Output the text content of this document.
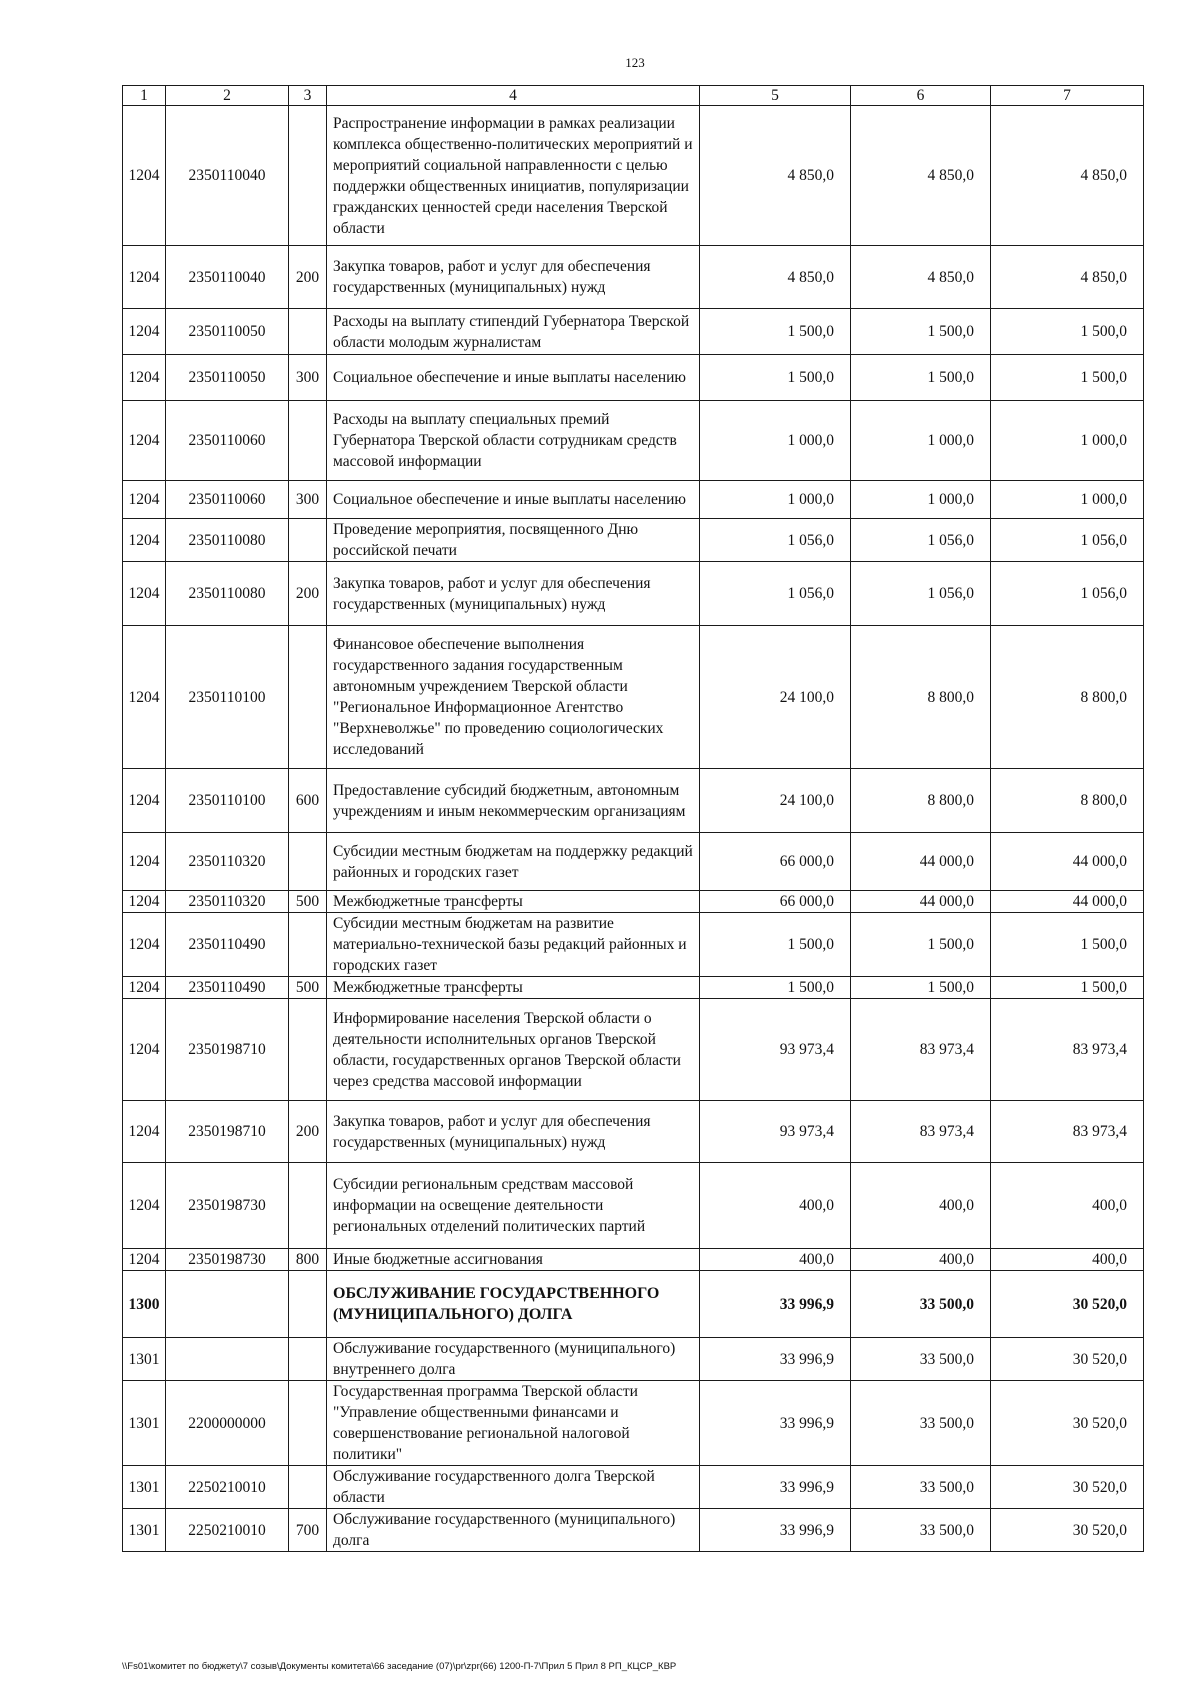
123
1	2	3	4	5	6	7
1204	2350110040		Распространение информации в рамках реализации комплекса общественно-политических мероприятий и мероприятий социальной направленности с целью поддержки общественных инициатив, популяризации гражданских ценностей среди населения Тверской области	4 850,0	4 850,0	4 850,0
1204	2350110040	200	Закупка товаров, работ и услуг для обеспечения государственных (муниципальных) нужд	4 850,0	4 850,0	4 850,0
1204	2350110050		Расходы на выплату стипендий Губернатора Тверской области молодым журналистам	1 500,0	1 500,0	1 500,0
1204	2350110050	300	Социальное обеспечение и иные выплаты населению	1 500,0	1 500,0	1 500,0
1204	2350110060		Расходы на выплату специальных премий Губернатора Тверской области сотрудникам средств массовой информации	1 000,0	1 000,0	1 000,0
1204	2350110060	300	Социальное обеспечение и иные выплаты населению	1 000,0	1 000,0	1 000,0
1204	2350110080		Проведение мероприятия, посвященного Дню российской печати	1 056,0	1 056,0	1 056,0
1204	2350110080	200	Закупка товаров, работ и услуг для обеспечения государственных (муниципальных) нужд	1 056,0	1 056,0	1 056,0
1204	2350110100		Финансовое обеспечение выполнения государственного задания государственным автономным учреждением Тверской области "Региональное Информационное Агентство "Верхневолжье" по проведению социологических исследований	24 100,0	8 800,0	8 800,0
1204	2350110100	600	Предоставление субсидий бюджетным, автономным учреждениям и иным некоммерческим организациям	24 100,0	8 800,0	8 800,0
1204	2350110320		Субсидии местным бюджетам на поддержку редакций районных и городских газет	66 000,0	44 000,0	44 000,0
1204	2350110320	500	Межбюджетные трансферты	66 000,0	44 000,0	44 000,0
1204	2350110490		Субсидии местным бюджетам на развитие материально-технической базы редакций районных и городских газет	1 500,0	1 500,0	1 500,0
1204	2350110490	500	Межбюджетные трансферты	1 500,0	1 500,0	1 500,0
1204	2350198710		Информирование населения Тверской области о деятельности исполнительных органов Тверской области, государственных органов Тверской области через средства массовой информации	93 973,4	83 973,4	83 973,4
1204	2350198710	200	Закупка товаров, работ и услуг для обеспечения государственных (муниципальных) нужд	93 973,4	83 973,4	83 973,4
1204	2350198730		Субсидии региональным средствам массовой информации на освещение деятельности региональных отделений политических партий	400,0	400,0	400,0
1204	2350198730	800	Иные бюджетные ассигнования	400,0	400,0	400,0
1300			ОБСЛУЖИВАНИЕ ГОСУДАРСТВЕННОГО (МУНИЦИПАЛЬНОГО) ДОЛГА	33 996,9	33 500,0	30 520,0
1301			Обслуживание государственного (муниципального) внутреннего долга	33 996,9	33 500,0	30 520,0
1301	2200000000		Государственная программа Тверской области "Управление общественными финансами и совершенствование региональной налоговой политики"	33 996,9	33 500,0	30 520,0
1301	2250210010		Обслуживание государственного долга Тверской области	33 996,9	33 500,0	30 520,0
1301	2250210010	700	Обслуживание государственного (муниципального) долга	33 996,9	33 500,0	30 520,0
\\Fs01\комитет по бюджету\7 созыв\Документы комитета\66 заседание (07)\pr\zpr(66) 1200-П-7\Прил 5 Прил 8 РП_КЦСР_КВР
